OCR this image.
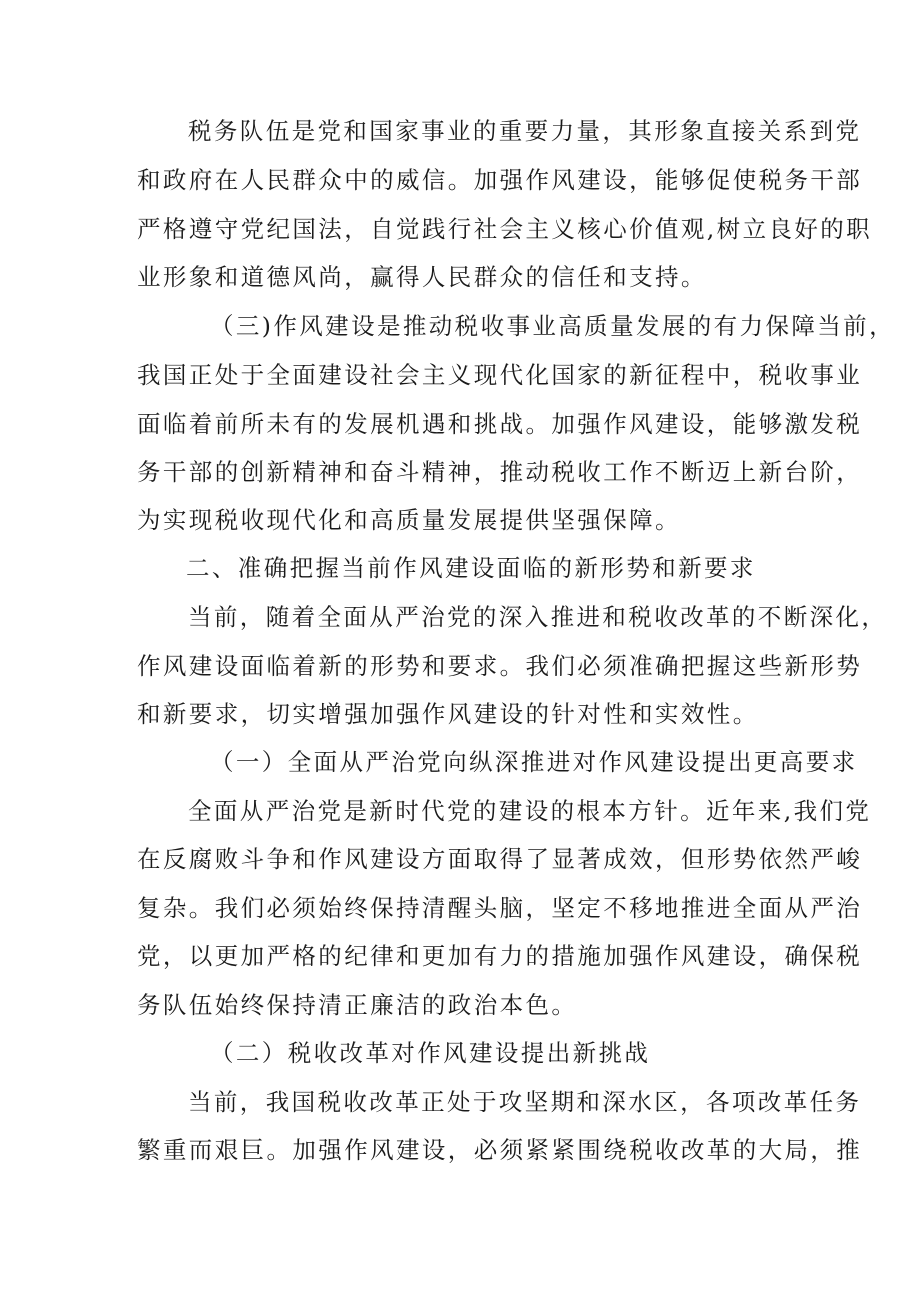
税务队伍是党和国家事业的重要力量，其形象直接关系到党
和政府在人民群众中的威信。加强作风建设，能够促使税务干部
严格遵守党纪国法，自觉践行社会主义核心价值观,树立良好的职
业形象和道德风尚，赢得人民群众的信任和支持。
（三)作风建设是推动税收事业高质量发展的有力保障当前，
我国正处于全面建设社会主义现代化国家的新征程中，税收事业
面临着前所未有的发展机遇和挑战。加强作风建设，能够激发税
务干部的创新精神和奋斗精神，推动税收工作不断迈上新台阶，
为实现税收现代化和高质量发展提供坚强保障。
二、准确把握当前作风建设面临的新形势和新要求
当前，随着全面从严治党的深入推进和税收改革的不断深化，
作风建设面临着新的形势和要求。我们必须准确把握这些新形势
和新要求，切实增强加强作风建设的针对性和实效性。
（一）全面从严治党向纵深推进对作风建设提出更高要求
全面从严治党是新时代党的建设的根本方针。近年来,我们党
在反腐败斗争和作风建设方面取得了显著成效，但形势依然严峻
复杂。我们必须始终保持清醒头脑，坚定不移地推进全面从严治
党，以更加严格的纪律和更加有力的措施加强作风建设，确保税
务队伍始终保持清正廉洁的政治本色。
（二）税收改革对作风建设提出新挑战
当前，我国税收改革正处于攻坚期和深水区，各项改革任务
繁重而艰巨。加强作风建设，必须紧紧围绕税收改革的大局，推
